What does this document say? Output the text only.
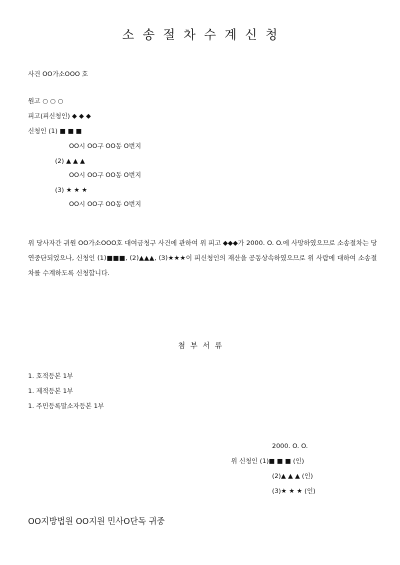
소송절차수계신청
사건 OO가소OOO 호
원고 ○ ○ ○
피고(피신청인) ◆ ◆ ◆
신청인 (1) ■ ■ ■
OO시 OO구 OO동 O번지
(2) ▲ ▲ ▲
OO시 OO구 OO동 O번지
(3) ★ ★ ★
OO시 OO구 OO동 O번지
위 당사자간 귀원 OO가소OOO호 대여금청구 사건에 관하여 위 피고 ◆◆◆가 2000. O. O.에 사망하였으므로 소송절차는 당연중단되었으나, 신청인 (1)■■■, (2)▲▲▲, (3)★★★이 피신청인의 재산을 공동상속하였으므로 위 사람에 대하여 소송절차를 수계하도록 신청합니다.
첨부서류
1. 호적등본 1부
1. 제적등본 1부
1. 주민등록말소자등본 1부
2000. O. O.
위 신청인 (1)■ ■ ■ (인)
(2)▲ ▲ ▲ (인)
(3)★ ★ ★ (인)
OO지방법원 OO지원 민사O단독 귀중
